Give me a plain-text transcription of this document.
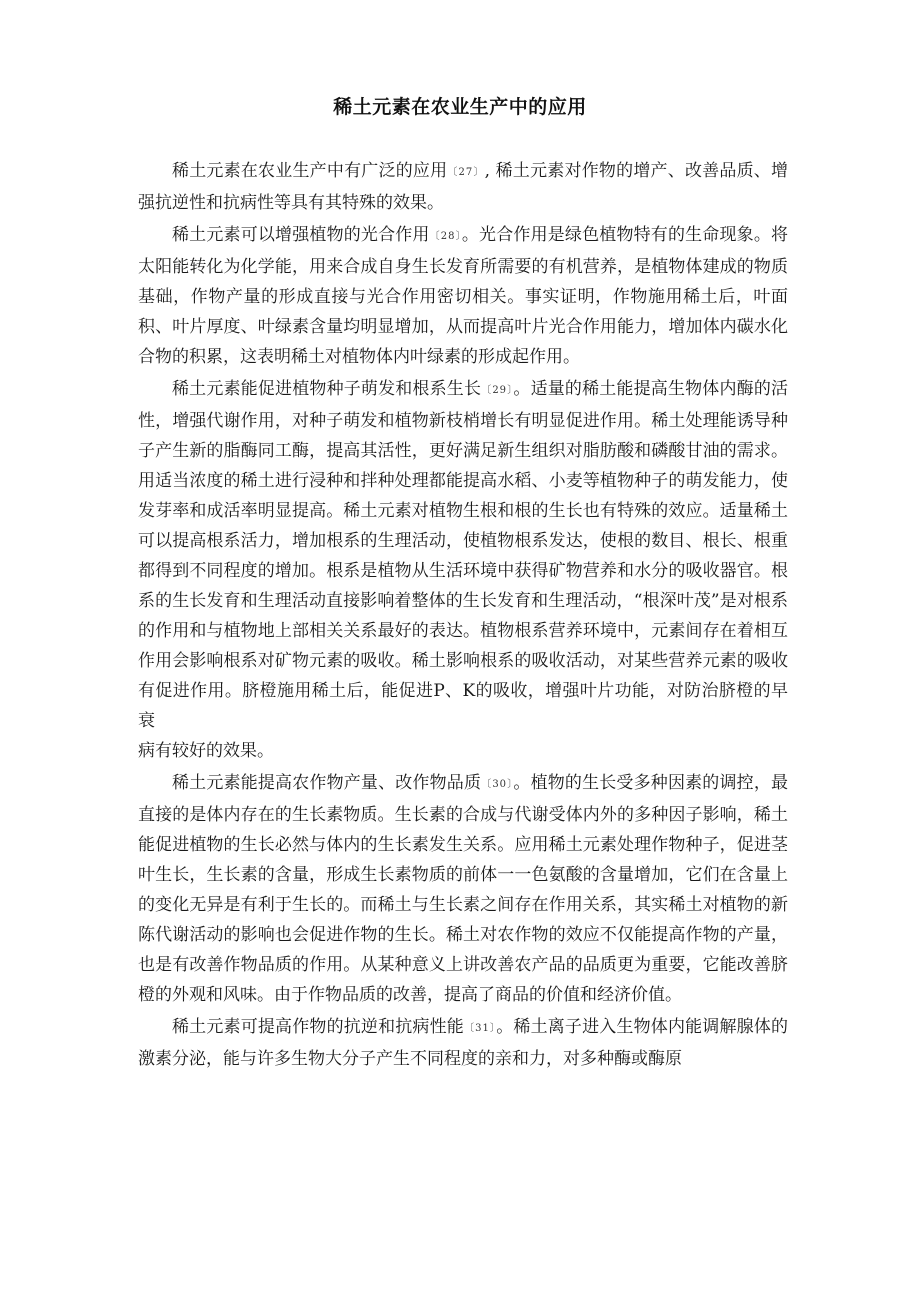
稀土元素在农业生产中的应用

稀土元素在农业生产中有广泛的应用〔27〕, 稀土元素对作物的增产、改善品质、增强抗逆性和抗病性等具有其特殊的效果。

稀土元素可以增强植物的光合作用〔28〕。光合作用是绿色植物特有的生命现象。将太阳能转化为化学能，用来合成自身生长发育所需要的有机营养，是植物体建成的物质基础，作物产量的形成直接与光合作用密切相关。事实证明，作物施用稀土后，叶面积、叶片厚度、叶绿素含量均明显增加，从而提高叶片光合作用能力，增加体内碳水化合物的积累，这表明稀土对植物体内叶绿素的形成起作用。

稀土元素能促进植物种子萌发和根系生长〔29〕。适量的稀土能提高生物体内酶的活性，增强代谢作用，对种子萌发和植物新枝梢增长有明显促进作用。稀土处理能诱导种子产生新的脂酶同工酶，提高其活性，更好满足新生组织对脂肪酸和磷酸甘油的需求。用适当浓度的稀土进行浸种和拌种处理都能提高水稻、小麦等植物种子的萌发能力，使发芽率和成活率明显提高。稀土元素对植物生根和根的生长也有特殊的效应。适量稀土可以提高根系活力，增加根系的生理活动，使植物根系发达，使根的数目、根长、根重都得到不同程度的增加。根系是植物从生活环境中获得矿物营养和水分的吸收器官。根系的生长发育和生理活动直接影响着整体的生长发育和生理活动，“根深叶茂”是对根系的作用和与植物地上部相关关系最好的表达。植物根系营养环境中，元素间存在着相互作用会影响根系对矿物元素的吸收。稀土影响根系的吸收活动，对某些营养元素的吸收有促进作用。脐橙施用稀土后，能促进P、K的吸收，增强叶片功能，对防治脐橙的早衰
病有较好的效果。

稀土元素能提高农作物产量、改作物品质〔30〕。植物的生长受多种因素的调控，最直接的是体内存在的生长素物质。生长素的合成与代谢受体内外的多种因子影响，稀土能促进植物的生长必然与体内的生长素发生关系。应用稀土元素处理作物种子，促进茎叶生长，生长素的含量，形成生长素物质的前体一一色氨酸的含量增加，它们在含量上的变化无异是有利于生长的。而稀土与生长素之间存在作用关系，其实稀土对植物的新陈代谢活动的影响也会促进作物的生长。稀土对农作物的效应不仅能提高作物的产量，也是有改善作物品质的作用。从某种意义上讲改善农产品的品质更为重要，它能改善脐橙的外观和风味。由于作物品质的改善，提高了商品的价值和经济价值。

稀土元素可提高作物的抗逆和抗病性能〔31〕。稀土离子进入生物体内能调解腺体的激素分泌，能与许多生物大分子产生不同程度的亲和力，对多种酶或酶原
